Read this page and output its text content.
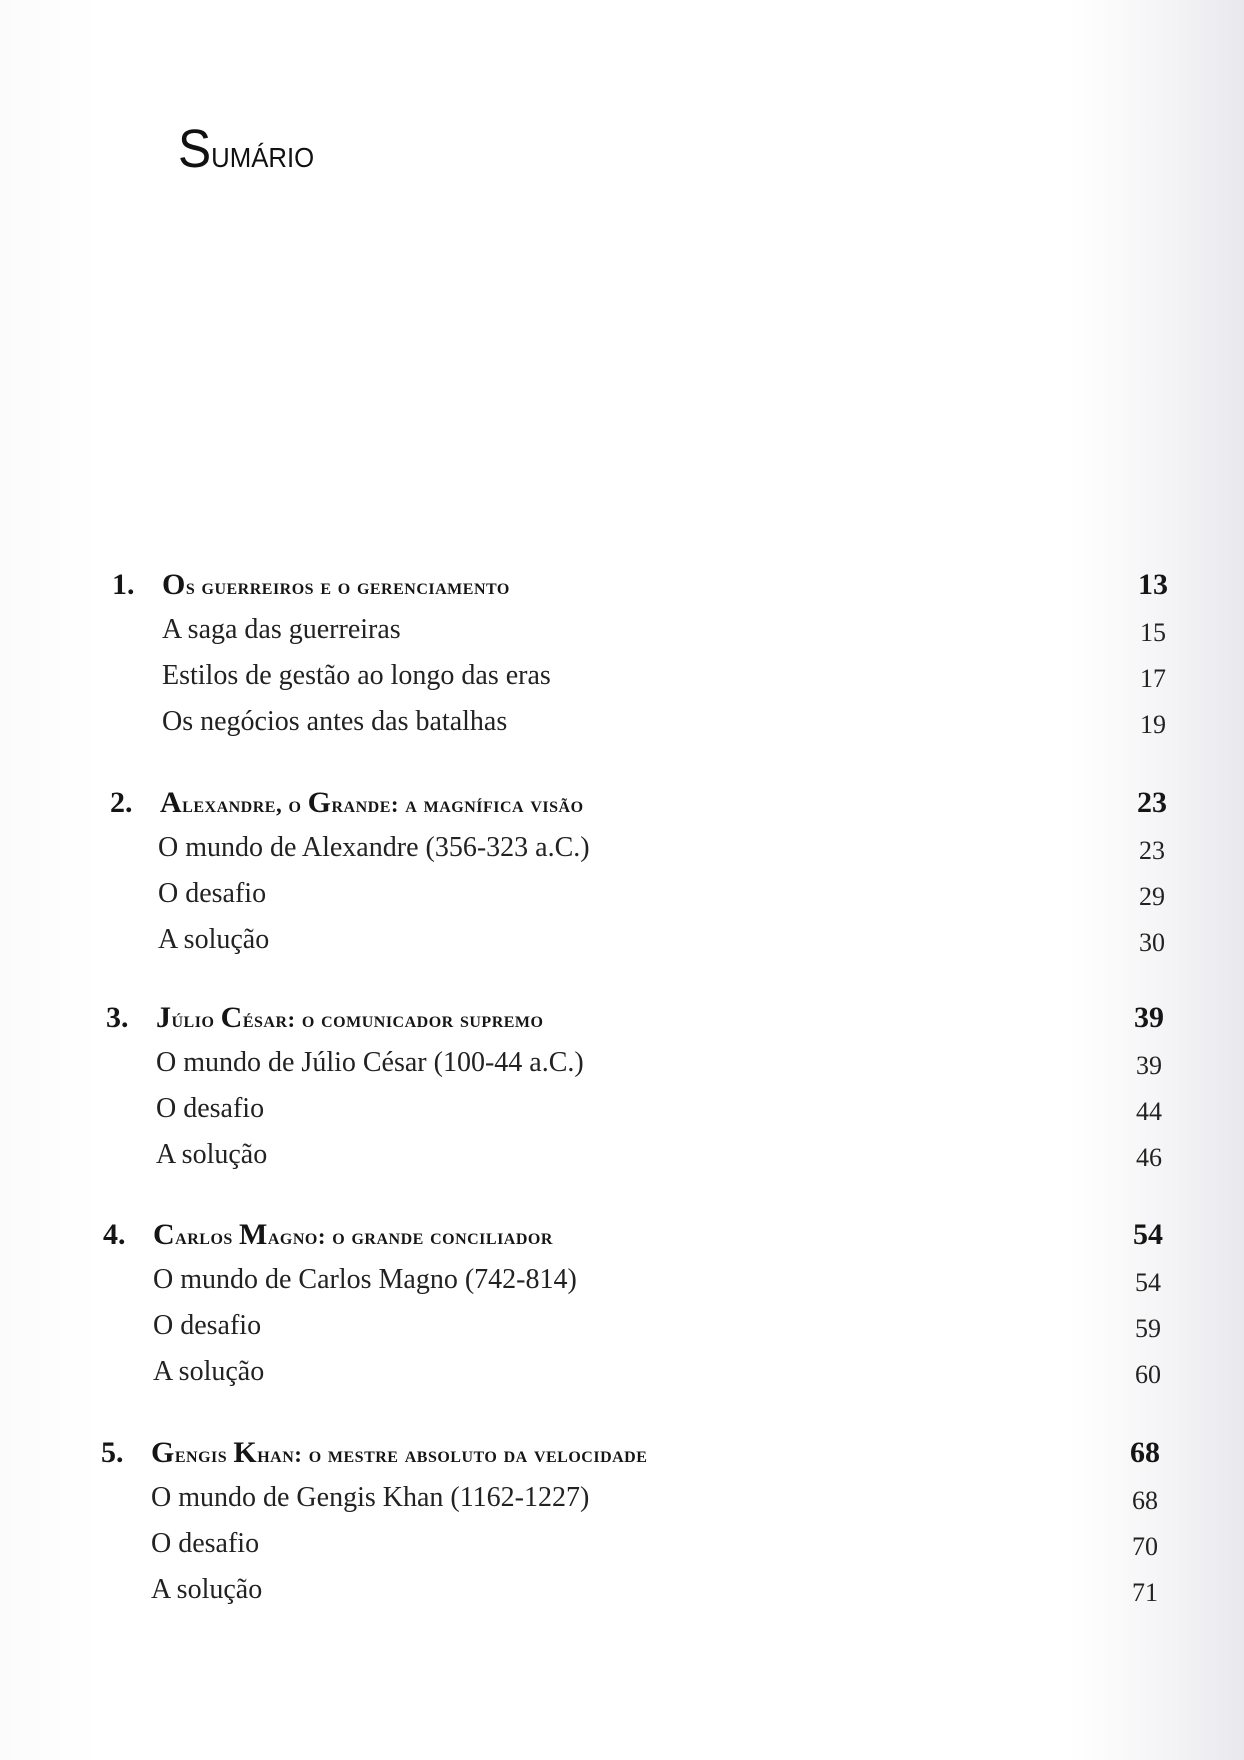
Sumário
1. Os guerreiros e o gerenciamento	13
A saga das guerreiras	15
Estilos de gestão ao longo das eras	17
Os negócios antes das batalhas	19
2. Alexandre, o Grande: a magnífica visão	23
O mundo de Alexandre (356-323 a.C.)	23
O desafio	29
A solução	30
3. Júlio César: o comunicador supremo	39
O mundo de Júlio César (100-44 a.C.)	39
O desafio	44
A solução	46
4. Carlos Magno: o grande conciliador	54
O mundo de Carlos Magno (742-814)	54
O desafio	59
A solução	60
5. Gengis Khan: o mestre absoluto da velocidade	68
O mundo de Gengis Khan (1162-1227)	68
O desafio	70
A solução	71
